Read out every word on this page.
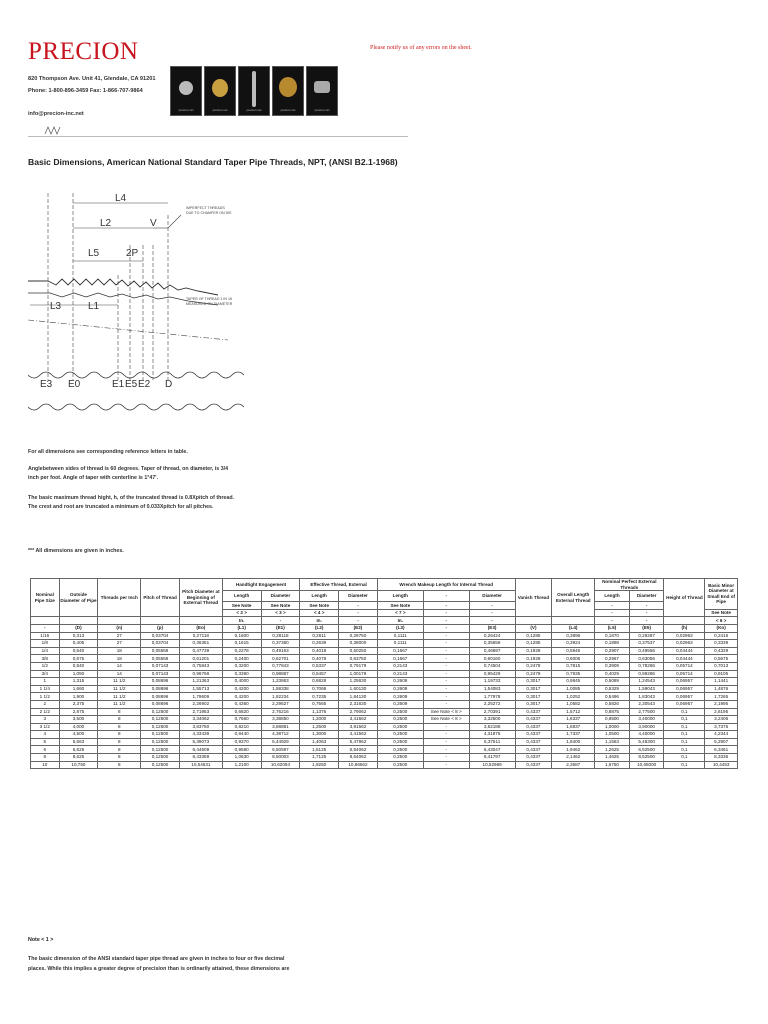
PRECION	Please notify us of any errors on the sheet.
820 Thompson Ave. Unit 41, Glendale, CA 91201
Phone: 1-800-896-3459 Fax: 1-866-707-9864
info@precion-inc.net
precion.net	precion.net	precion.net	precion.net	precion.net
Basic Dimensions, American National Standard Taper Pipe Threads, NPT, (ANSI B2.1-1968)
L4
L2	V
L5	2P
L3	L1
E3 E0	E1 E5 E2 D
IMPERFECT THREADS
DUE TO CHAMFER ON DIE
TAPER OF THREAD 1 IN 16
MEASURED ON DIAMETER
For all dimensions see corresponding reference letters in table.
Anglebetween sides of thread is 60 degrees. Taper of thread, on diameter, is 3/4
inch per foot. Angle of taper with centerline is 1°47'.
The basic maximum thread hight, h, of the truncated thread is 0.8Xpitch of thread.
The crest and root are truncated a minimum of 0.033Xpitch for all pitches.
*** All dimensions are given in inches.
Nominal Pipe Size	Outside Diameter of Pipe	Threads per Inch	Pitch of Thread	Pitch Diameter at Beginning of External Thread	Handtight Engagement		Effective Thread, External		Wrench Makeup Length for Internal Thread			Vanish Thread	Overall Length External Thread	Nominal Perfect External Threads		Height of Thread	Basic Minor Diameter at Small End of Pipe
					Length	Diameter	Length	Diameter	Length	-	Diameter			Length	Diameter		
					See Note	See Note	See Note	-	See Note	-	-			-	-		
					< 2 >	< 3 >	< 4 >	-	< 7 >	-	-			-	-		See Note
					In.	-	In.	-	In.	-	-			-	-		< 6 >
-	(D)	(n)	(p)	(Eo)	(L1)	(E1)	(L2)	(E2)	(L3)	-	(E3)	(V)	(L4)	(L5)	(E5)	(h)	(Ko)
1/16	0,313	27	0,03704	0,27118	0,1600	0,28118	0,2611	0,28750	0,1111	-	0,26424	0,1285	0,3896	0,1870	0,28287	0,02963	0,2416
1/8	0,405	27	0,03704	0,36351	0,1615	0,37360	0,2639	0,38000	0,1111	-	0,35656	0,1285	0,3924	0,1898	0,37537	0,02963	0,3339
1/4	0,540	18	0,05556	0,47739	0,2278	0,49163	0,4018	0,50250	0,1667	-	0,46697	0,1928	0,5946	0,2907	0,49556	0,04444	0,4329
3/8	0,675	18	0,05556	0,61201	0,2400	0,62701	0,4078	0,63750	0,1667	-	0,60160	0,1928	0,6006	0,2967	0,63056	0,04444	0,5675
1/2	0,840	14	0,07143	0,75843	0,3200	0,77843	0,5337	0,79179	0,2143	-	0,74504	0,2478	0,7815	0,3909	0,78286	0,05714	0,7013
3/4	1,050	14	0,07143	0,96768	0,3390	0,98887	0,5457	1,00179	0,2143	-	0,95429	0,2478	0,7935	0,4029	0,99286	0,05714	0,9105
1	1,315	11 1/2	0,08696	1,21363	0,4000	1,23863	0,6828	1,25630	0,2609	-	1,19733	0,3017	0,9845	0,5089	1,24543	0,06957	1,1441
1 1/4	1,660	11 1/2	0,08696	1,55713	0,4200	1,58338	0,7068	1,60130	0,2609	-	1,54083	0,3017	1,0085	0,5329	1,59043	0,06957	1,4876
1 1/2	1,900	11 1/2	0,08696	1,79609	0,4200	1,82234	0,7235	1,84130	0,2609	-	1,77978	0,3017	1,0252	0,5496	1,83043	0,06957	1,7265
2	2,375	11 1/2	0,08696	2,26902	0,4360	2,29627	0,7565	2,31630	0,2609	-	2,25272	0,3017	1,0582	0,5826	2,30543	0,06957	2,1995
2 1/2	2,875	8	0,12500	2,71953	0,6820	2,76216	1,1375	2,79062	0,2500	See Note < 8 >	2,70391	0,4337	1,5712	0,8875	2,77500	0,1	2,6195
3	3,500	8	0,12500	3,34062	0,7660	3,38850	1,2000	3,41562	0,2500	See Note < 8 >	3,32500	0,4337	1,6337	0,9500	3,40000	0,1	3,2406
3 1/2	4,000	8	0,12500	3,83750	0,8210	3,88881	1,2500	3,91562	0,2500	-	3,82188	0,4337	1,6837	1,0000	3,90000	0,1	3,7375
4	4,500	8	0,12500	4,33438	0,8440	4,38712	1,3000	4,41562	0,2500	-	4,31875	0,4337	1,7337	1,0500	4,40000	0,1	4,2344
5	5,563	8	0,12500	5,39073	0,9370	5,44929	1,4063	5,47862	0,2500	-	5,37511	0,4337	1,8400	1,1563	5,46300	0,1	5,2907
6	6,625	8	0,12500	6,44609	0,9580	6,50597	1,5125	6,54062	0,2500	-	6,43047	0,4337	1,9462	1,2625	6,52500	0,1	6,3461
8	8,625	8	0,12500	8,43359	1,0630	8,50003	1,7125	8,54062	0,2500	-	8,41797	0,4337	2,1462	1,4625	8,52500	0,1	8,3336
10	10,750	8	0,12500	10,54531	1,2100	10,62094	1,9250	10,66562	0,2500	-	10,52969	0,4337	2,3587	1,6750	10,65000	0,1	10,4453
Note < 1 >
The basic dimension of the ANSI standard taper pipe thread are given in inches to four or five decimal
places. While this implies a greater degree of precision than is ordinarily attained, these dimensions are
